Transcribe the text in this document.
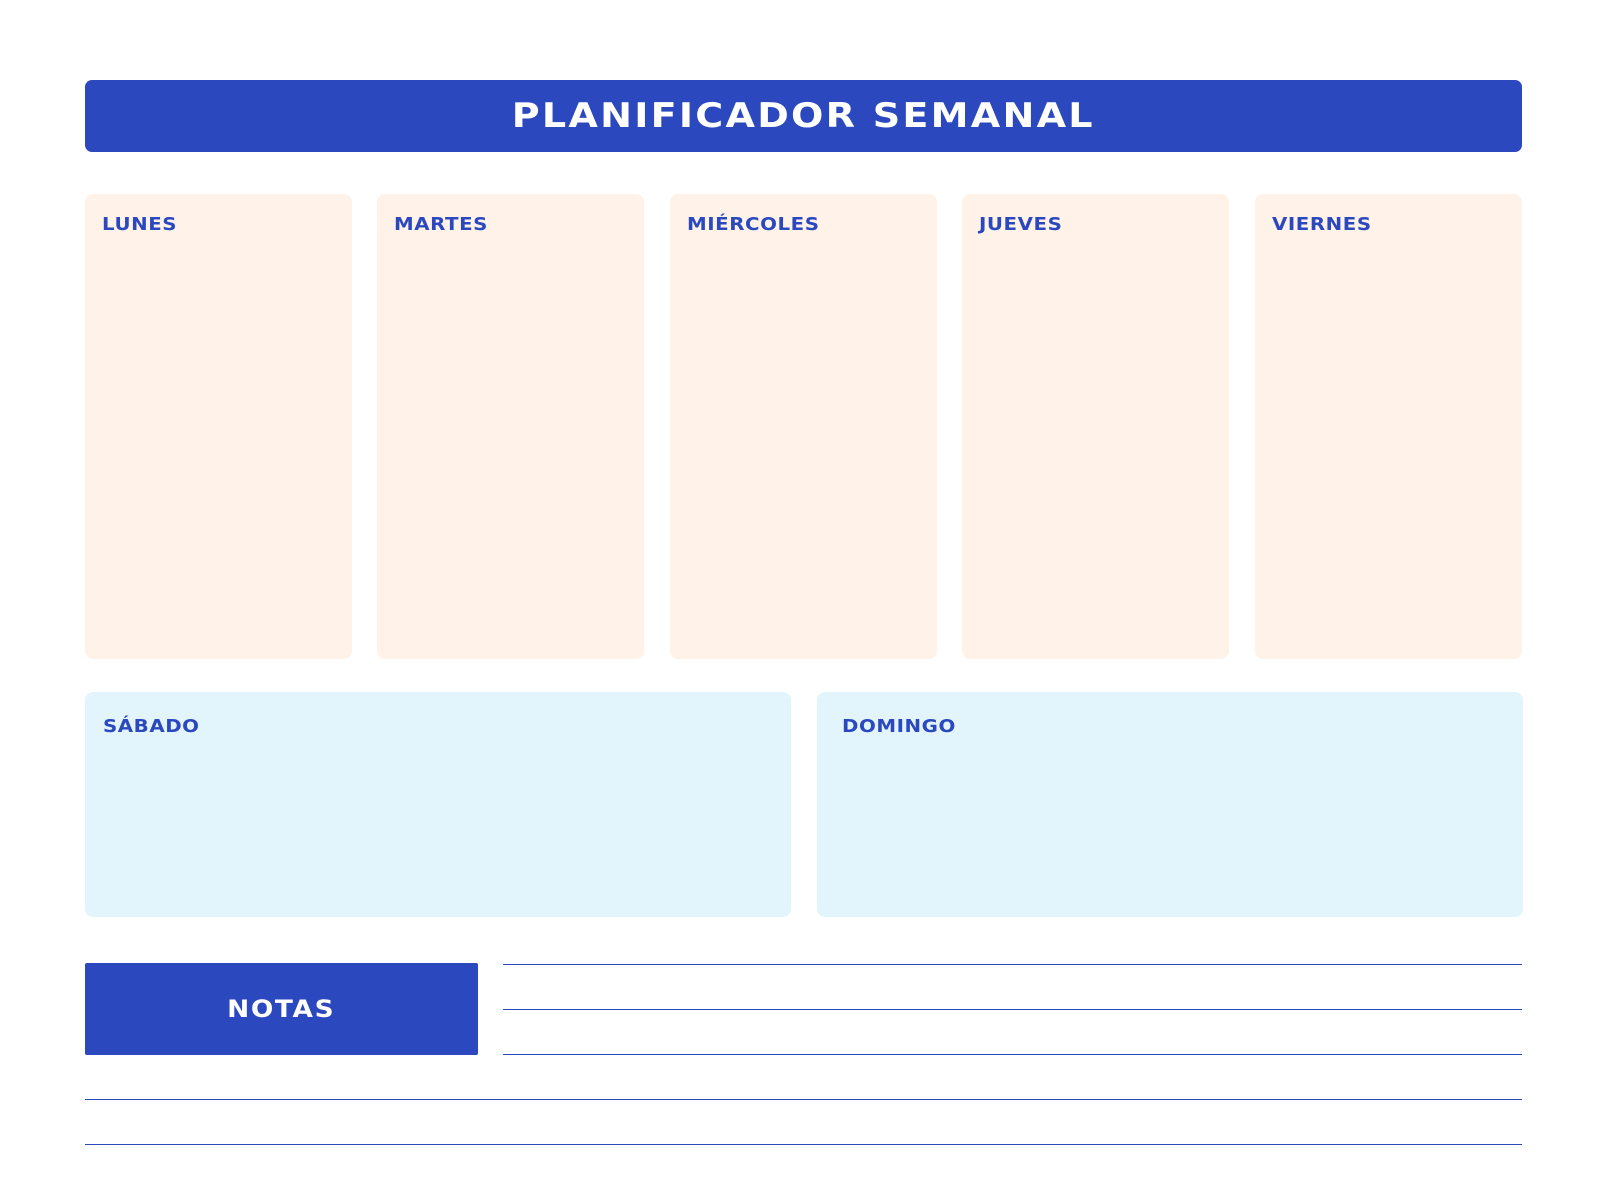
PLANIFICADOR SEMANAL
LUNES	MARTES	MIÉRCOLES	JUEVES	VIERNES
SÁBADO	DOMINGO
NOTAS
